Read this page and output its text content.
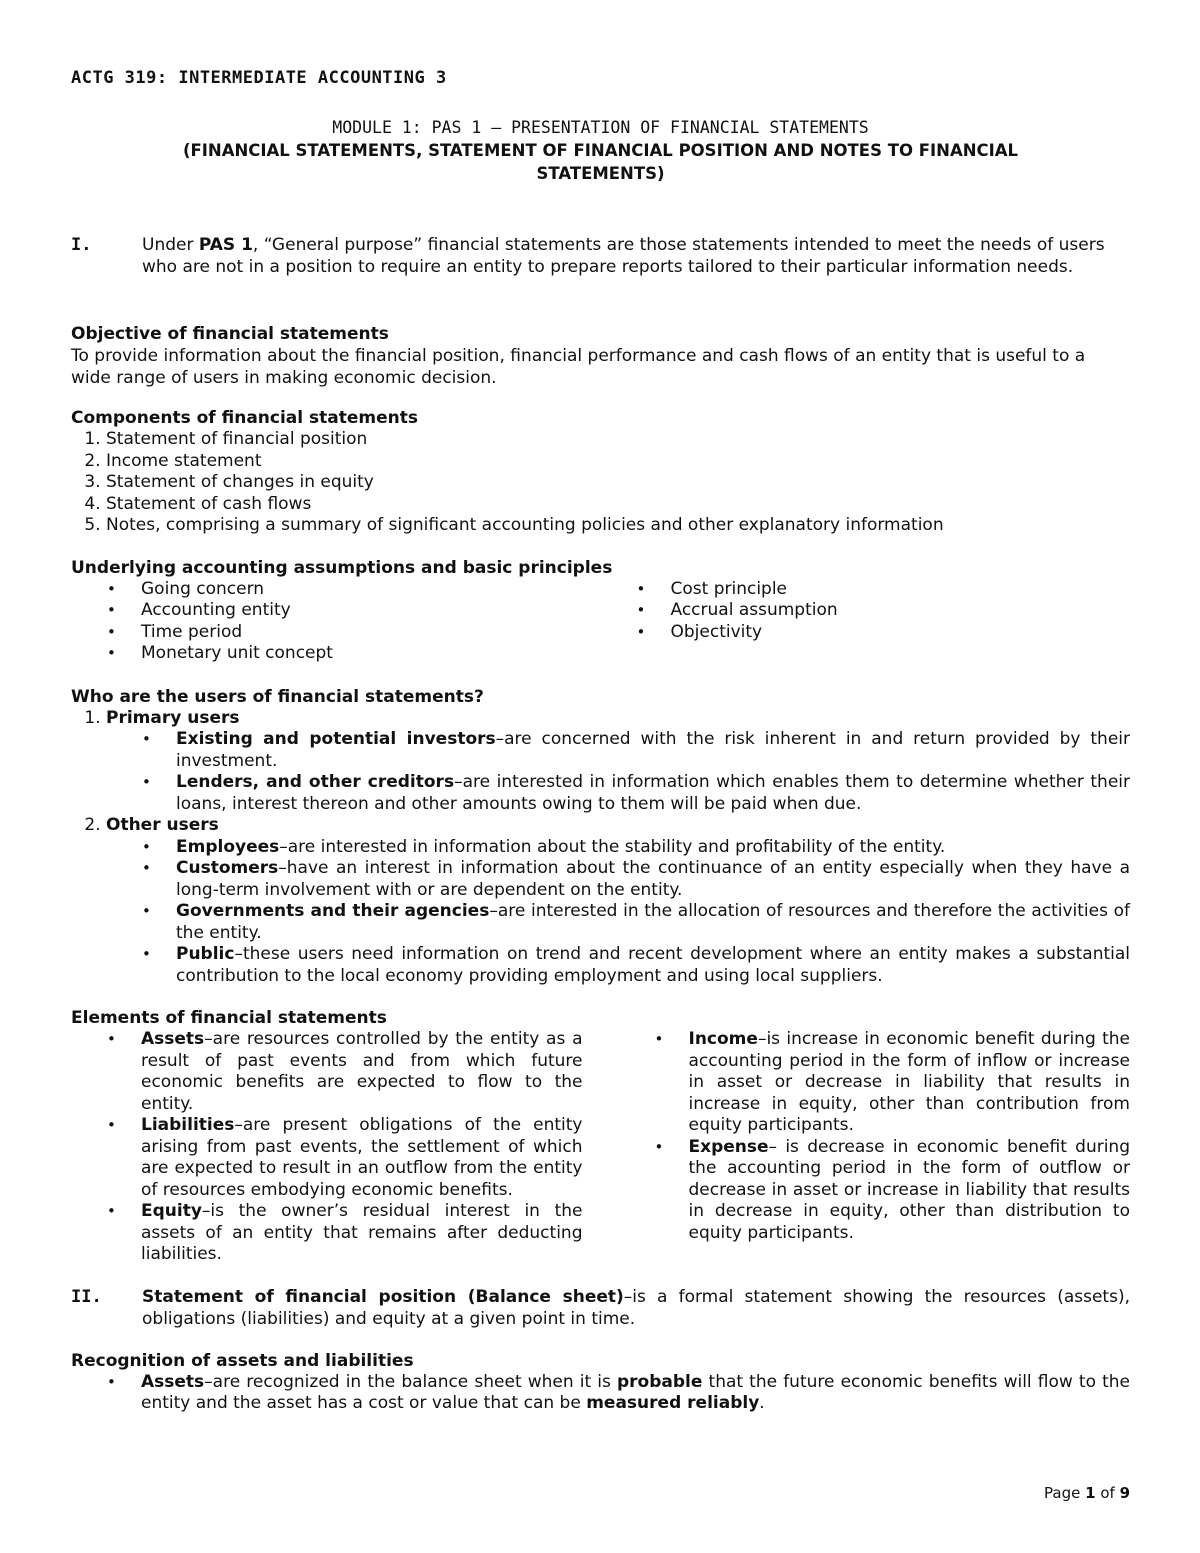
ACTG 319: INTERMEDIATE ACCOUNTING 3

MODULE 1: PAS 1 – PRESENTATION OF FINANCIAL STATEMENTS
(FINANCIAL STATEMENTS, STATEMENT OF FINANCIAL POSITION AND NOTES TO FINANCIAL
STATEMENTS)
I.	Under PAS 1, “General purpose” financial statements are those statements intended to meet the needs of users who are not in a position to require an entity to prepare reports tailored to their particular information needs.

Objective of financial statements

To provide information about the financial position, financial performance and cash flows of an entity that is useful to a wide range of users in making economic decision.

Components of financial statements

1. Statement of financial position
2. Income statement
3. Statement of changes in equity
4. Statement of cash flows
5. Notes, comprising a summary of significant accounting policies and other explanatory information

Underlying accounting assumptions and basic principles

• Going concern
• Accounting entity
• Time period
• Monetary unit concept
• Cost principle
• Accrual assumption
• Objectivity

Who are the users of financial statements?

1. Primary users
• Existing and potential investors–are concerned with the risk inherent in and return provided by their investment.
• Lenders, and other creditors–are interested in information which enables them to determine whether their loans, interest thereon and other amounts owing to them will be paid when due.
2. Other users
• Employees–are interested in information about the stability and profitability of the entity.
• Customers–have an interest in information about the continuance of an entity especially when they have a long-term involvement with or are dependent on the entity.
• Governments and their agencies–are interested in the allocation of resources and therefore the activities of the entity.
• Public–these users need information on trend and recent development where an entity makes a substantial contribution to the local economy providing employment and using local suppliers.

Elements of financial statements

• Assets–are resources controlled by the entity as a result of past events and from which future economic benefits are expected to flow to the entity.
• Liabilities–are present obligations of the entity arising from past events, the settlement of which are expected to result in an outflow from the entity of resources embodying economic benefits.
• Equity–is the owner’s residual interest in the assets of an entity that remains after deducting liabilities.
• Income–is increase in economic benefit during the accounting period in the form of inflow or increase in asset or decrease in liability that results in increase in equity, other than contribution from equity participants.
• Expense– is decrease in economic benefit during the accounting period in the form of outflow or decrease in asset or increase in liability that results in decrease in equity, other than distribution to equity participants.
II.	Statement of financial position (Balance sheet)–is a formal statement showing the resources (assets), obligations (liabilities) and equity at a given point in time.

Recognition of assets and liabilities

• Assets–are recognized in the balance sheet when it is probable that the future economic benefits will flow to the entity and the asset has a cost or value that can be measured reliably.
Page 1 of 9
